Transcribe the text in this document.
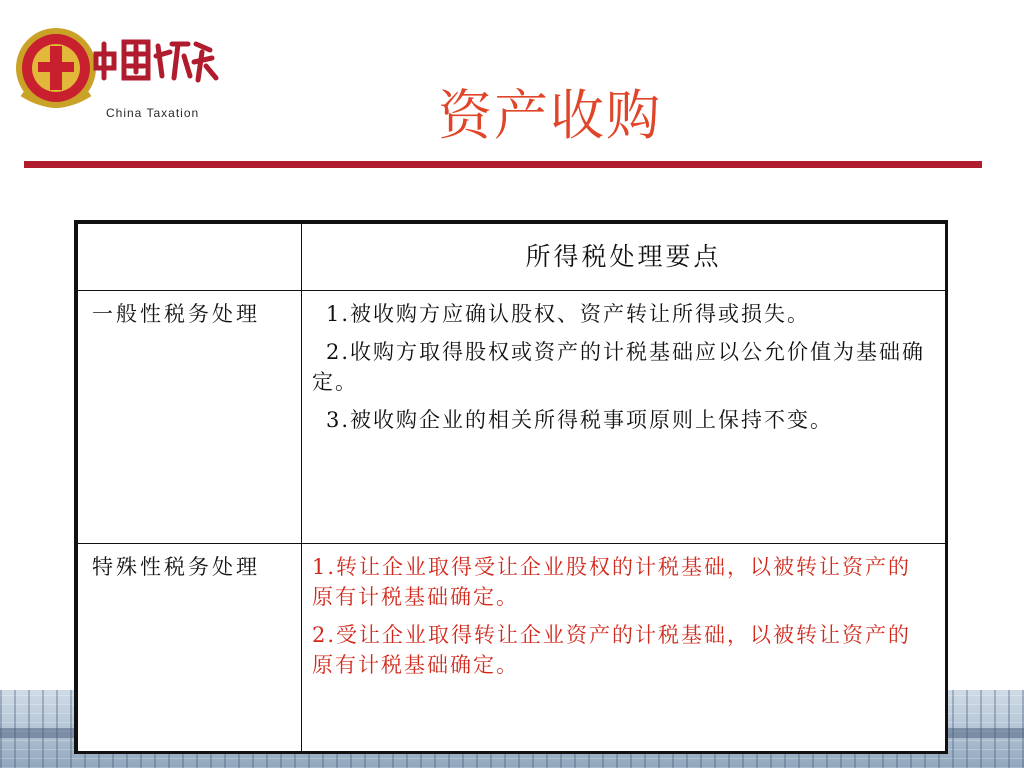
China Taxation	资产收购
	所得税处理要点
一般性税务处理	1.被收购方应确认股权、资产转让所得或损失。
2.收购方取得股权或资产的计税基础应以公允价值为基础确定。
3.被收购企业的相关所得税事项原则上保持不变。

特殊性税务处理	1.转让企业取得受让企业股权的计税基础，以被转让资产的原有计税基础确定。
2.受让企业取得转让企业资产的计税基础，以被转让资产的原有计税基础确定。
